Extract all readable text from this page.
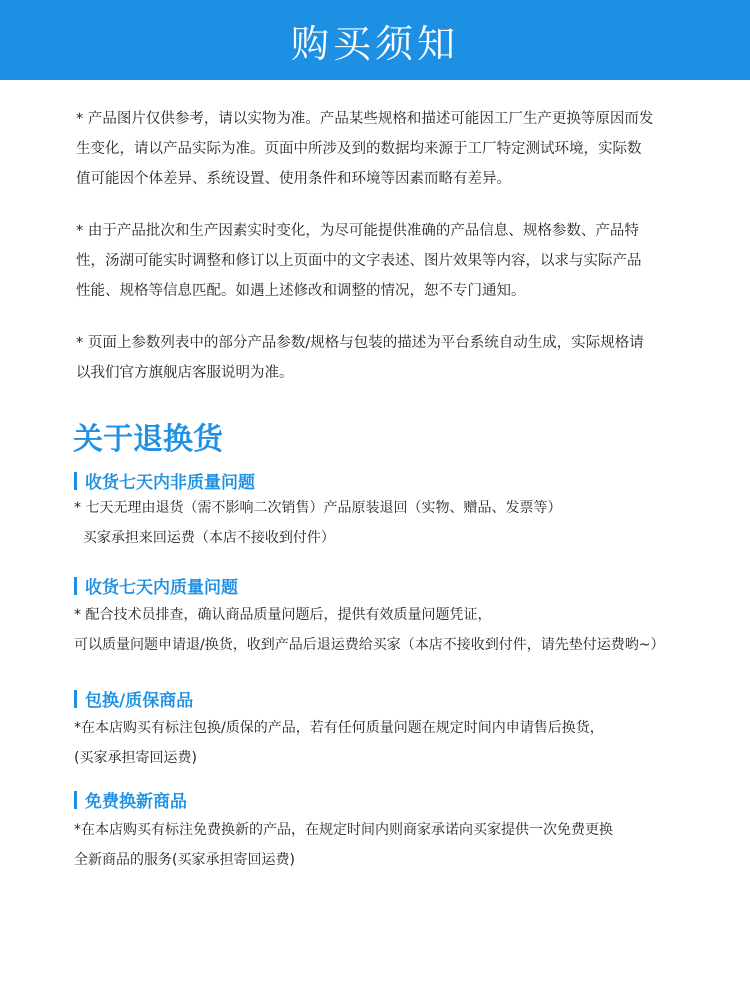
购买须知

* 产品图片仅供参考，请以实物为准。产品某些规格和描述可能因工厂生产更换等原因而发

生变化，请以产品实际为准。页面中所涉及到的数据均来源于工厂特定测试环境，实际数

值可能因个体差异、系统设置、使用条件和环境等因素而略有差异。

* 由于产品批次和生产因素实时变化，为尽可能提供准确的产品信息、规格参数、产品特

性，汤湖可能实时调整和修订以上页面中的文字表述、图片效果等内容，以求与实际产品

性能、规格等信息匹配。如遇上述修改和调整的情况，恕不专门通知。

* 页面上参数列表中的部分产品参数/规格与包装的描述为平台系统自动生成，实际规格请

以我们官方旗舰店客服说明为准。

关于退换货
收货七天内非质量问题

* 七天无理由退货（需不影响二次销售）产品原装退回（实物、赠品、发票等）

买家承担来回运费（本店不接收到付件）

收货七天内质量问题

* 配合技术员排查，确认商品质量问题后，提供有效质量问题凭证，

可以质量问题申请退/换货，收到产品后退运费给买家（本店不接收到付件，请先垫付运费哟~）

包换/质保商品

*在本店购买有标注包换/质保的产品，若有任何质量问题在规定时间内申请售后换货，

(买家承担寄回运费)

免费换新商品

*在本店购买有标注免费换新的产品，在规定时间内则商家承诺向买家提供一次免费更换

全新商品的服务(买家承担寄回运费)
